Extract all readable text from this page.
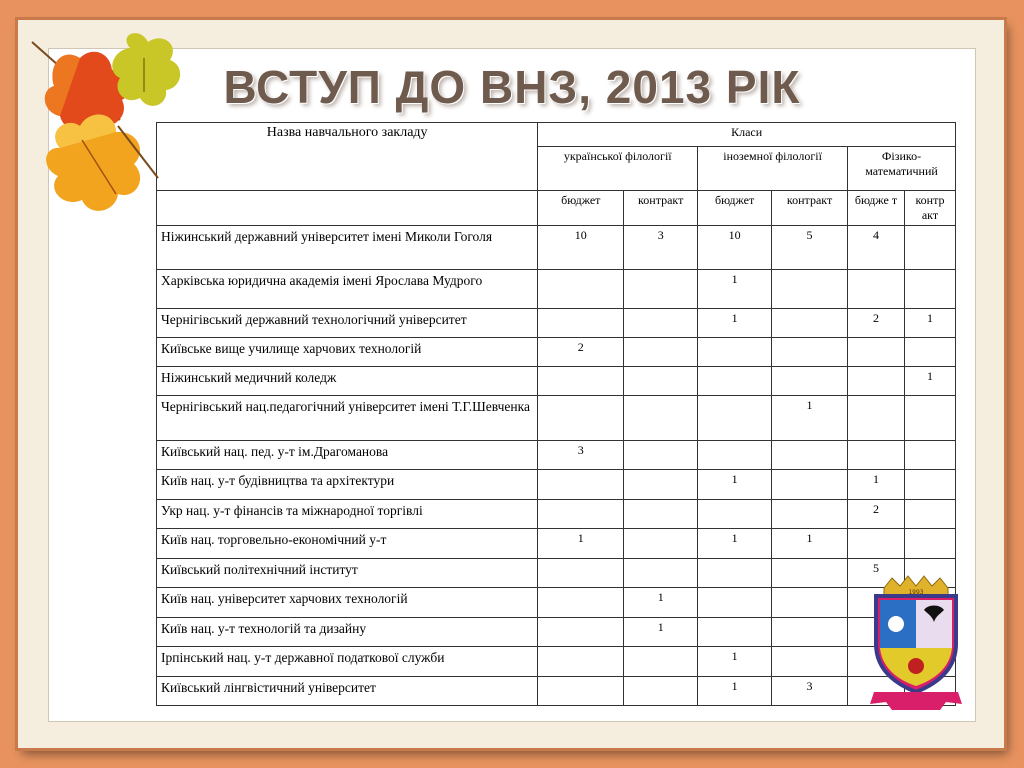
ВСТУП ДО ВНЗ, 2013 РІК
Назва навчального закладу	Класи					
	української філології		іноземної філології		Фізико-математичний	
	бюджет	контракт	бюджет	контракт	бюдже т	контр акт
Ніжинський державний університет імені Миколи Гоголя	10	3	10	5	4	
Харківська юридична академія імені Ярослава Мудрого			1			
Чернігівський державний технологічний університет			1		2	1
Київське вище училище харчових технологій	2					
Ніжинський медичний коледж						1
Чернігівський нац.педагогічний університет імені Т.Г.Шевченка				1		
Київський нац. пед. у-т ім.Драгоманова	3					
Київ нац. у-т будівництва та архітектури			1		1	
Укр нац. у-т фінансів та міжнародної торгівлі					2	
Київ нац. торговельно-економічний у-т	1		1	1		
Київський політехнічний інститут					5	
Київ нац. університет харчових технологій		1				
Київ нац. у-т технологій та дизайну		1				
Ірпінський нац. у-т державної податкової служби			1			
Київський лінгвістичний університет			1	3		
1993
